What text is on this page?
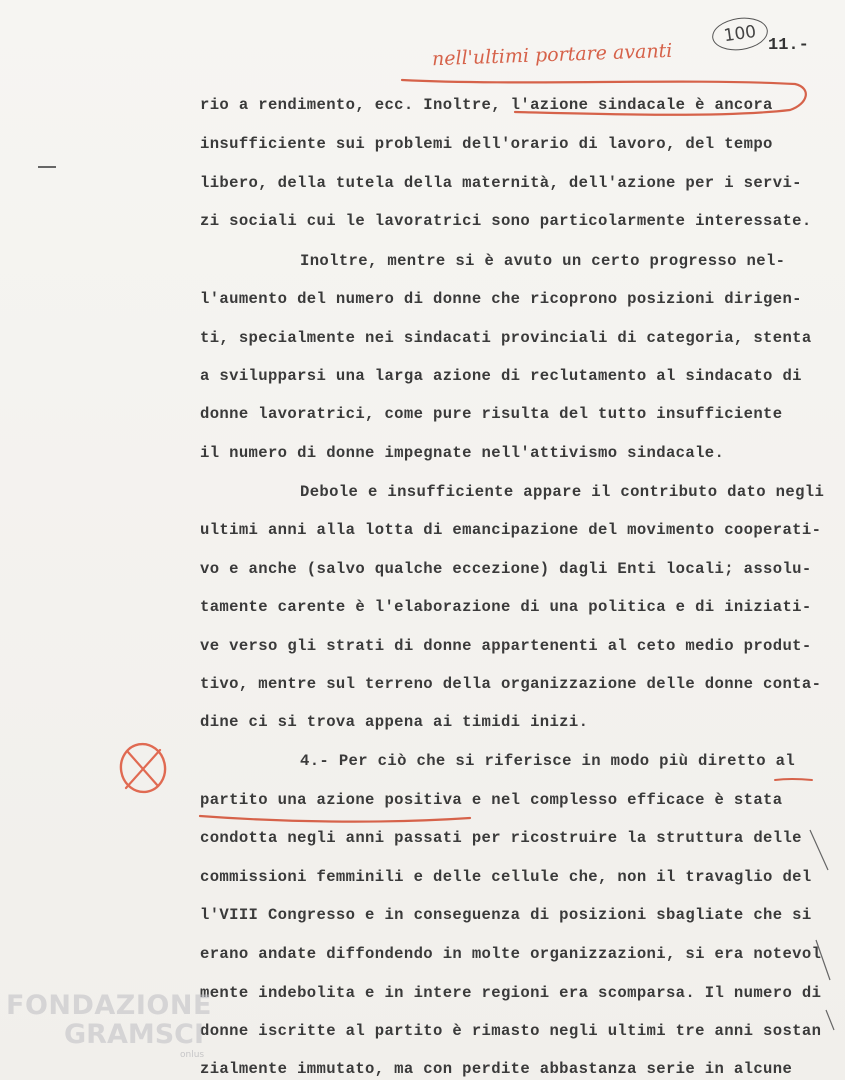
nell'ultimi portare avanti
100 11.-
rio a rendimento, ecc. Inoltre, l'azione sindacale è ancora
insufficiente sui problemi dell'orario di lavoro, del tempo
libero, della tutela della maternità, dell'azione per i servi-
zi sociali cui le lavoratrici sono particolarmente interessate.
Inoltre, mentre si è avuto un certo progresso nel-
l'aumento del numero di donne che ricoprono posizioni dirigen-
ti, specialmente nei sindacati provinciali di categoria, stenta
a svilupparsi una larga azione di reclutamento al sindacato di
donne lavoratrici, come pure risulta del tutto insufficiente
il numero di donne impegnate nell'attivismo sindacale.
Debole e insufficiente appare il contributo dato negli
ultimi anni alla lotta di emancipazione del movimento cooperati-
vo e anche (salvo qualche eccezione) dagli Enti locali; assolu-
tamente carente è l'elaborazione di una politica e di iniziati-
ve verso gli strati di donne appartenenti al ceto medio produt-
tivo, mentre sul terreno della organizzazione delle donne conta-
dine ci si trova appena ai timidi inizi.
4.- Per ciò che si riferisce in modo più diretto al
partito una azione positiva e nel complesso efficace è stata
condotta negli anni passati per ricostruire la struttura delle
commissioni femminili e delle cellule che, non il travaglio del
l'VIII Congresso e in conseguenza di posizioni sbagliate che si
erano andate diffondendo in molte organizzazioni, si era notevol
mente indebolita e in intere regioni era scomparsa. Il numero di
donne iscritte al partito è rimasto negli ultimi tre anni sostan
zialmente immutato, ma con perdite abbastanza serie in alcune
FONDAZIONE
GRAMSCI
onlus
